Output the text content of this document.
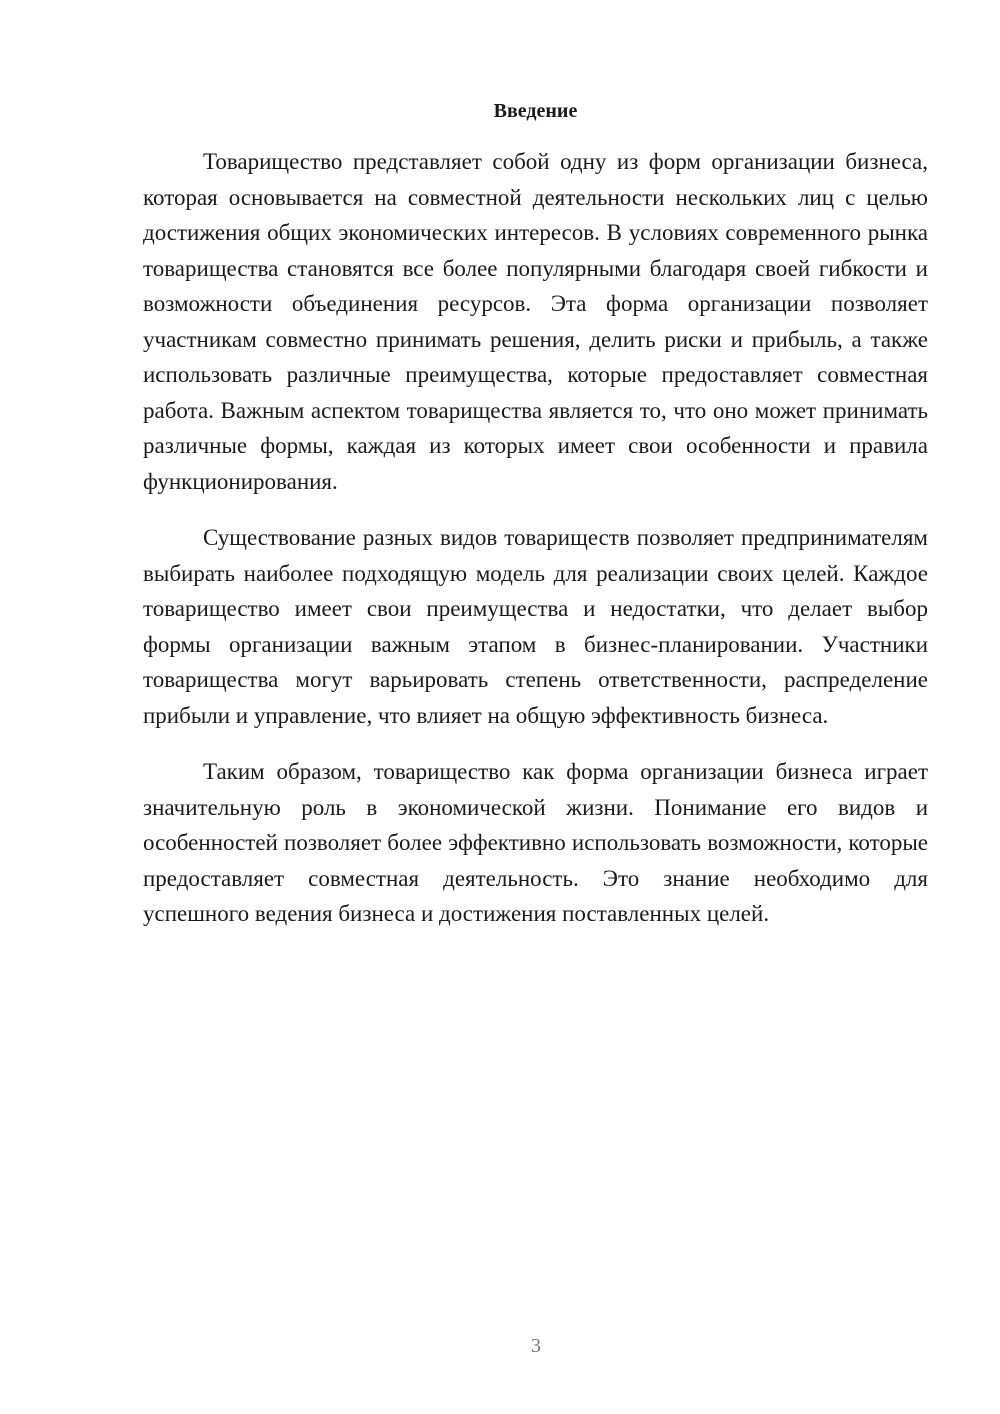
Введение

Товарищество представляет собой одну из форм организации бизнеса, которая основывается на совместной деятельности нескольких лиц с целью достижения общих экономических интересов. В условиях современного рынка товарищества становятся все более популярными благодаря своей гибкости и возможности объединения ресурсов. Эта форма организации позволяет участникам совместно принимать решения, делить риски и прибыль, а также использовать различные преимущества, которые предоставляет совместная работа. Важным аспектом товарищества является то, что оно может принимать различные формы, каждая из которых имеет свои особенности и правила функционирования.

Существование разных видов товариществ позволяет предпринимателям выбирать наиболее подходящую модель для реализации своих целей. Каждое товарищество имеет свои преимущества и недостатки, что делает выбор формы организации важным этапом в бизнес-планировании. Участники товарищества могут варьировать степень ответственности, распределение прибыли и управление, что влияет на общую эффективность бизнеса.

Таким образом, товарищество как форма организации бизнеса играет значительную роль в экономической жизни. Понимание его видов и особенностей позволяет более эффективно использовать возможности, которые предоставляет совместная деятельность. Это знание необходимо для успешного ведения бизнеса и достижения поставленных целей.

3
